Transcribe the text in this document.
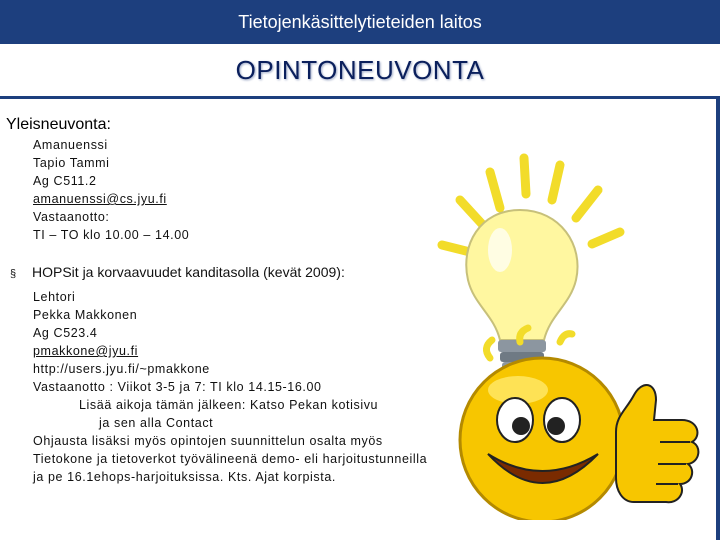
Tietojenkäsittelytieteiden laitos
OPINTONEUVONTA
Yleisneuvonta:
Amanuenssi
Tapio Tammi
Ag C511.2
amanuenssi@cs.jyu.fi
Vastaanotto:
TI – TO klo 10.00 – 14.00
§ HOPSit ja korvaavuudet kanditasolla (kevät 2009):
Lehtori
Pekka Makkonen
Ag C523.4
pmakkone@jyu.fi
http://users.jyu.fi/~pmakkone
Vastaanotto : Viikot 3-5 ja 7: TI klo 14.15-16.00
Lisää aikoja tämän jälkeen: Katso Pekan kotisivu
ja sen alla Contact
Ohjausta lisäksi myös opintojen suunnittelun osalta myös
Tietokone ja tietoverkot työvälineenä demo- eli harjoitustunneilla
ja pe 16.1ehops-harjoituksissa. Kts. Ajat korpista.
